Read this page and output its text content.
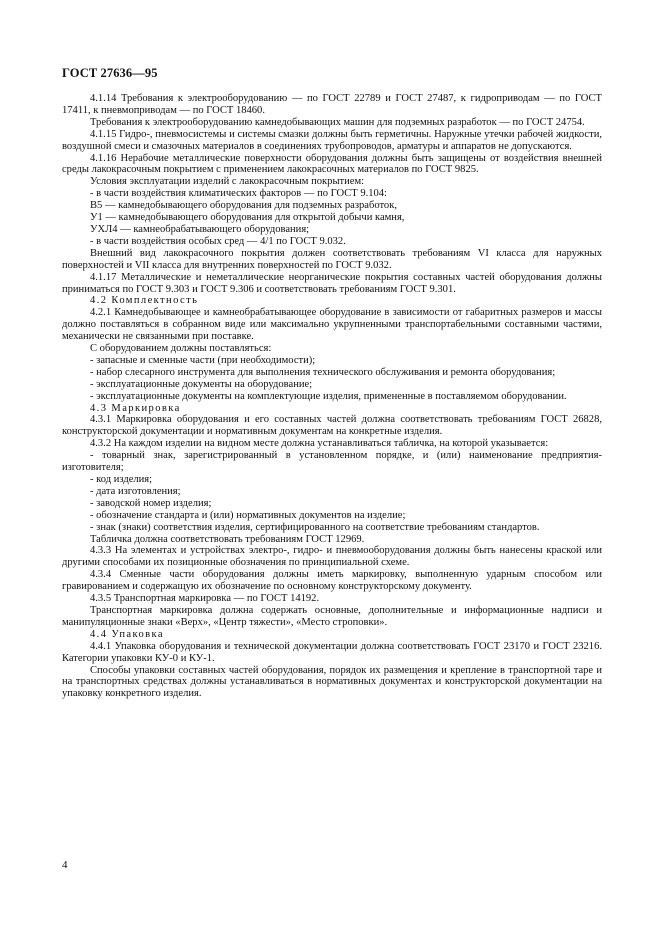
ГОСТ 27636—95

4.1.14 Требования к электрооборудованию — по ГОСТ 22789 и ГОСТ 27487, к гидроприводам — по ГОСТ 17411, к пневмоприводам — по ГОСТ 18460.

Требования к электрооборудованию камнедобывающих машин для подземных разработок — по ГОСТ 24754.

4.1.15 Гидро-, пневмосистемы и системы смазки должны быть герметичны. Наружные утечки рабочей жидкости, воздушной смеси и смазочных материалов в соединениях трубопроводов, арматуры и аппаратов не допускаются.

4.1.16 Нерабочие металлические поверхности оборудования должны быть защищены от воздействия внешней среды лакокрасочным покрытием с применением лакокрасочных материалов по ГОСТ 9825.

Условия эксплуатации изделий с лакокрасочным покрытием:

- в части воздействия климатических факторов — по ГОСТ 9.104:

В5 — камнедобывающего оборудования для подземных разработок,

У1 — камнедобывающего оборудования для открытой добычи камня,

УХЛ4 — камнеобрабатывающего оборудования;

- в части воздействия особых сред — 4/1 по ГОСТ 9.032.

Внешний вид лакокрасочного покрытия должен соответствовать требованиям VI класса для наружных поверхностей и VII класса для внутренних поверхностей по ГОСТ 9.032.

4.1.17 Металлические и неметаллические неорганические покрытия составных частей оборудования должны приниматься по ГОСТ 9.303 и ГОСТ 9.306 и соответствовать требованиям ГОСТ 9.301.

4.2 Комплектность

4.2.1 Камнедобывающее и камнеобрабатывающее оборудование в зависимости от габаритных размеров и массы должно поставляться в собранном виде или максимально укрупненными транспортабельными составными частями, механически не связанными при поставке.

С оборудованием должны поставляться:

- запасные и сменные части (при необходимости);

- набор слесарного инструмента для выполнения технического обслуживания и ремонта оборудования;

- эксплуатационные документы на оборудование;

- эксплуатационные документы на комплектующие изделия, примененные в поставляемом оборудовании.

4.3 Маркировка

4.3.1 Маркировка оборудования и его составных частей должна соответствовать требованиям ГОСТ 26828, конструкторской документации и нормативным документам на конкретные изделия.

4.3.2 На каждом изделии на видном месте должна устанавливаться табличка, на которой указывается:

- товарный знак, зарегистрированный в установленном порядке, и (или) наименование предприятия-изготовителя;

- код изделия;

- дата изготовления;

- заводской номер изделия;

- обозначение стандарта и (или) нормативных документов на изделие;

- знак (знаки) соответствия изделия, сертифицированного на соответствие требованиям стандартов.

Табличка должна соответствовать требованиям ГОСТ 12969.

4.3.3 На элементах и устройствах электро-, гидро- и пневмооборудования должны быть нанесены краской или другими способами их позиционные обозначения по принципиальной схеме.

4.3.4 Сменные части оборудования должны иметь маркировку, выполненную ударным способом или гравированием и содержащую их обозначение по основному конструкторскому документу.

4.3.5 Транспортная маркировка — по ГОСТ 14192.

Транспортная маркировка должна содержать основные, дополнительные и информационные надписи и манипуляционные знаки «Верх», «Центр тяжести», «Место строповки».

4.4 Упаковка

4.4.1 Упаковка оборудования и технической документации должна соответствовать ГОСТ 23170 и ГОСТ 23216. Категории упаковки КУ-0 и КУ-1.

Способы упаковки составных частей оборудования, порядок их размещения и крепление в транспортной таре и на транспортных средствах должны устанавливаться в нормативных документах и конструкторской документации на упаковку конкретного изделия.

4
